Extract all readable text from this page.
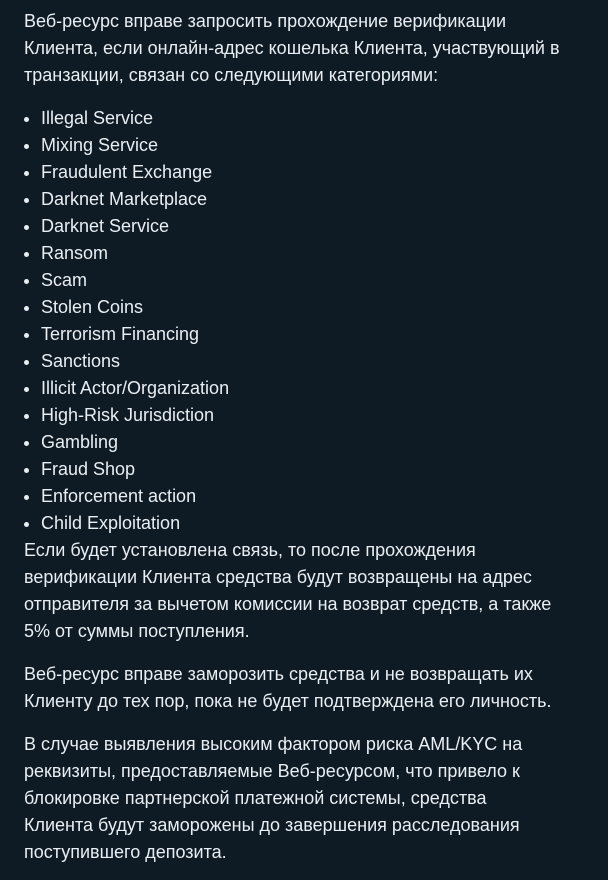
Веб-ресурс вправе запросить прохождение верификации
Клиента, если онлайн-адрес кошелька Клиента, участвующий в
транзакции, связан со следующими категориями:

• Illegal Service
• Mixing Service
• Fraudulent Exchange
• Darknet Marketplace
• Darknet Service
• Ransom
• Scam
• Stolen Coins
• Terrorism Financing
• Sanctions
• Illicit Actor/Organization
• High-Risk Jurisdiction
• Gambling
• Fraud Shop
• Enforcement action
• Child Exploitation

Если будет установлена связь, то после прохождения
верификации Клиента средства будут возвращены на адрес
отправителя за вычетом комиссии на возврат средств, а также
5% от суммы поступления.

Веб-ресурс вправе заморозить средства и не возвращать их
Клиенту до тех пор, пока не будет подтверждена его личность.

В случае выявления высоким фактором риска AML/KYC на
реквизиты, предоставляемые Веб-ресурсом, что привело к
блокировке партнерской платежной системы, средства
Клиента будут заморожены до завершения расследования
поступившего депозита.
